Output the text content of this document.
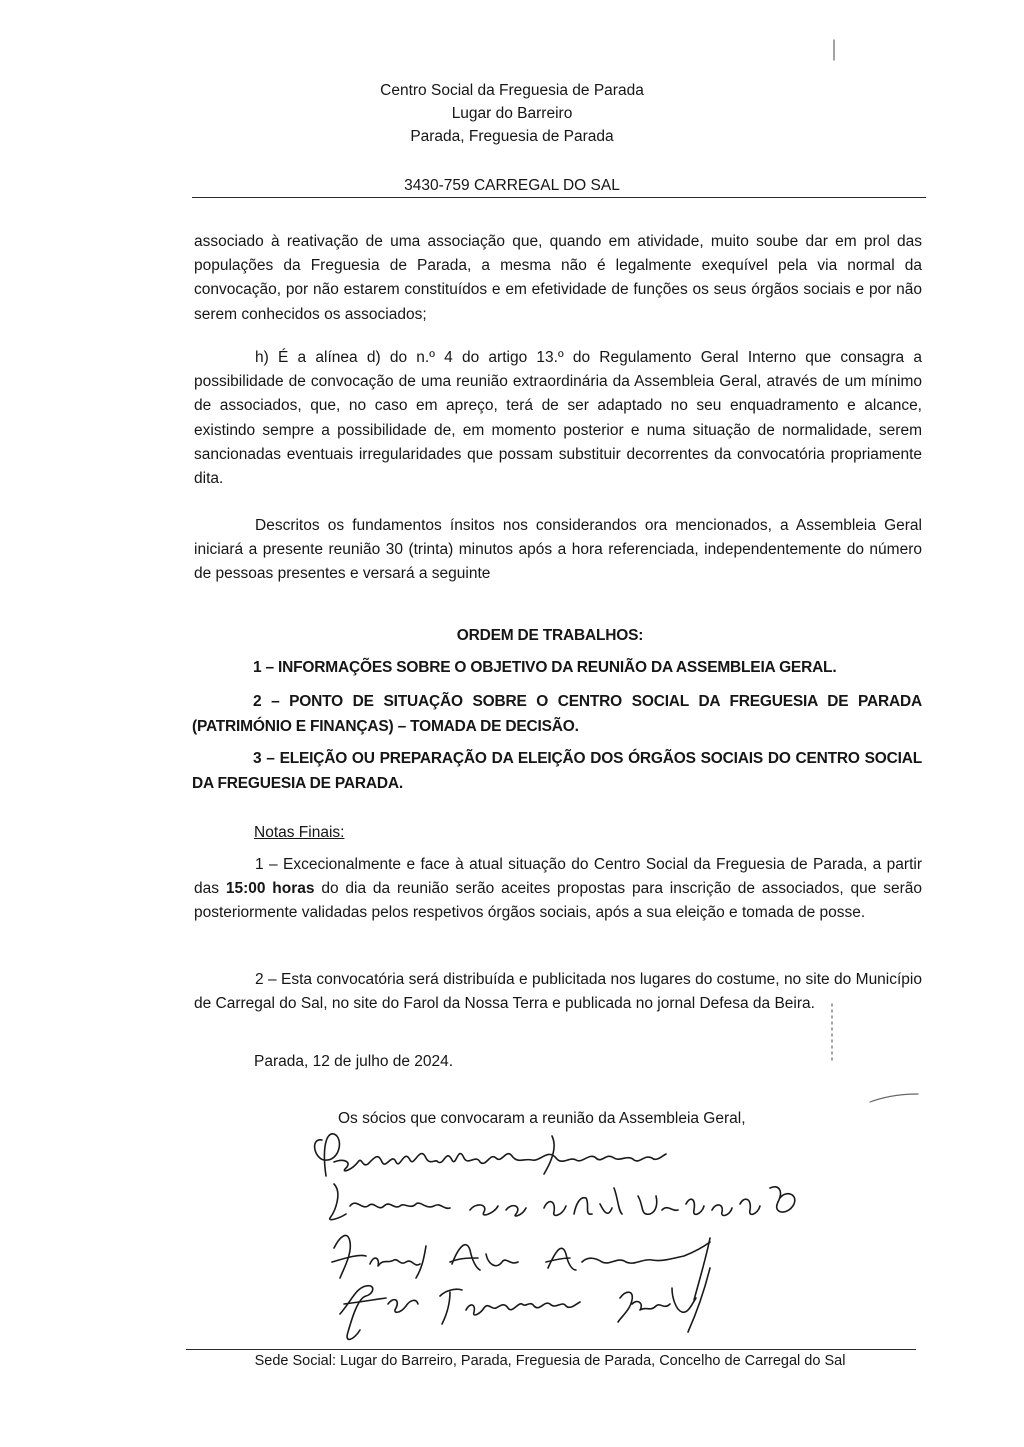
Centro Social da Freguesia de Parada
Lugar do Barreiro
Parada, Freguesia de Parada
3430-759 CARREGAL DO SAL

associado à reativação de uma associação que, quando em atividade, muito soube dar em prol das populações da Freguesia de Parada, a mesma não é legalmente exequível pela via normal da convocação, por não estarem constituídos e em efetividade de funções os seus órgãos sociais e por não serem conhecidos os associados;

h) É a alínea d) do n.º 4 do artigo 13.º do Regulamento Geral Interno que consagra a possibilidade de convocação de uma reunião extraordinária da Assembleia Geral, através de um mínimo de associados, que, no caso em apreço, terá de ser adaptado no seu enquadramento e alcance, existindo sempre a possibilidade de, em momento posterior e numa situação de normalidade, serem sancionadas eventuais irregularidades que possam substituir decorrentes da convocatória propriamente dita.

Descritos os fundamentos ínsitos nos considerandos ora mencionados, a Assembleia Geral iniciará a presente reunião 30 (trinta) minutos após a hora referenciada, independentemente do número de pessoas presentes e versará a seguinte

ORDEM DE TRABALHOS:

1 – INFORMAÇÕES SOBRE O OBJETIVO DA REUNIÃO DA ASSEMBLEIA GERAL.

2 – PONTO DE SITUAÇÃO SOBRE O CENTRO SOCIAL DA FREGUESIA DE PARADA (PATRIMÓNIO E FINANÇAS) – TOMADA DE DECISÃO.

3 – ELEIÇÃO OU PREPARAÇÃO DA ELEIÇÃO DOS ÓRGÃOS SOCIAIS DO CENTRO SOCIAL DA FREGUESIA DE PARADA.

Notas Finais:

1 – Excecionalmente e face à atual situação do Centro Social da Freguesia de Parada, a partir das 15:00 horas do dia da reunião serão aceites propostas para inscrição de associados, que serão posteriormente validadas pelos respetivos órgãos sociais, após a sua eleição e tomada de posse.

2 – Esta convocatória será distribuída e publicitada nos lugares do costume, no site do Município de Carregal do Sal, no site do Farol da Nossa Terra e publicada no jornal Defesa da Beira.

Parada, 12 de julho de 2024.
Os sócios que convocaram a reunião da Assembleia Geral,
Sede Social: Lugar do Barreiro, Parada, Freguesia de Parada, Concelho de Carregal do Sal
